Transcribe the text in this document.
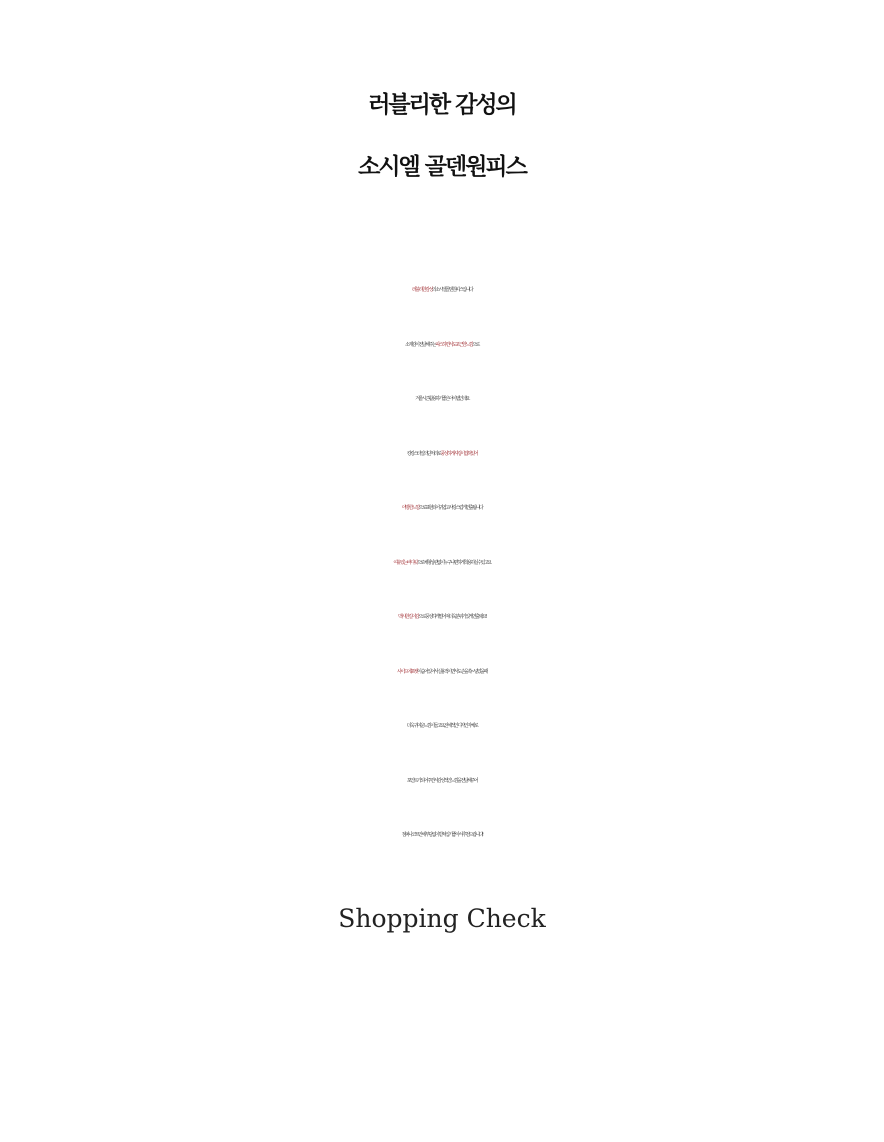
러블리한 감성의
소시엘 골덴원피스
러블리한 감성의 소시엘 골덴원피스 입니다
소재감이 전달해주는 따스하면서도 포근한 느낌으로
겨울시즌 활용하기 좋은 아이템인데요
캉캉스타일의 단처리로 풍성하게 셔링이 잡혀있어
아방한 느낌으로 표현되어 귀엽고 사랑스럽게 연출됩니다
여유있는 바디핏으로 체형 상관없이 누구나 편하게 착용하실 수 있고요
맥시한 길이감으로 풍성하게 떨어져 더욱 분위기있게 연출돼요!
사이드에 포켓이 숨어있어서 실용적이면서도 손을 쏙~ 넣었을때
더욱 귀여운 느낌이 들고요, 전체적인 디자인 자체로
포인트가 되어주면서 감성적인 느낌을 전달해주어
점퍼나 코트안에 부담없이 받쳐입기 좋아서 추천드립니다!
Shopping Check
